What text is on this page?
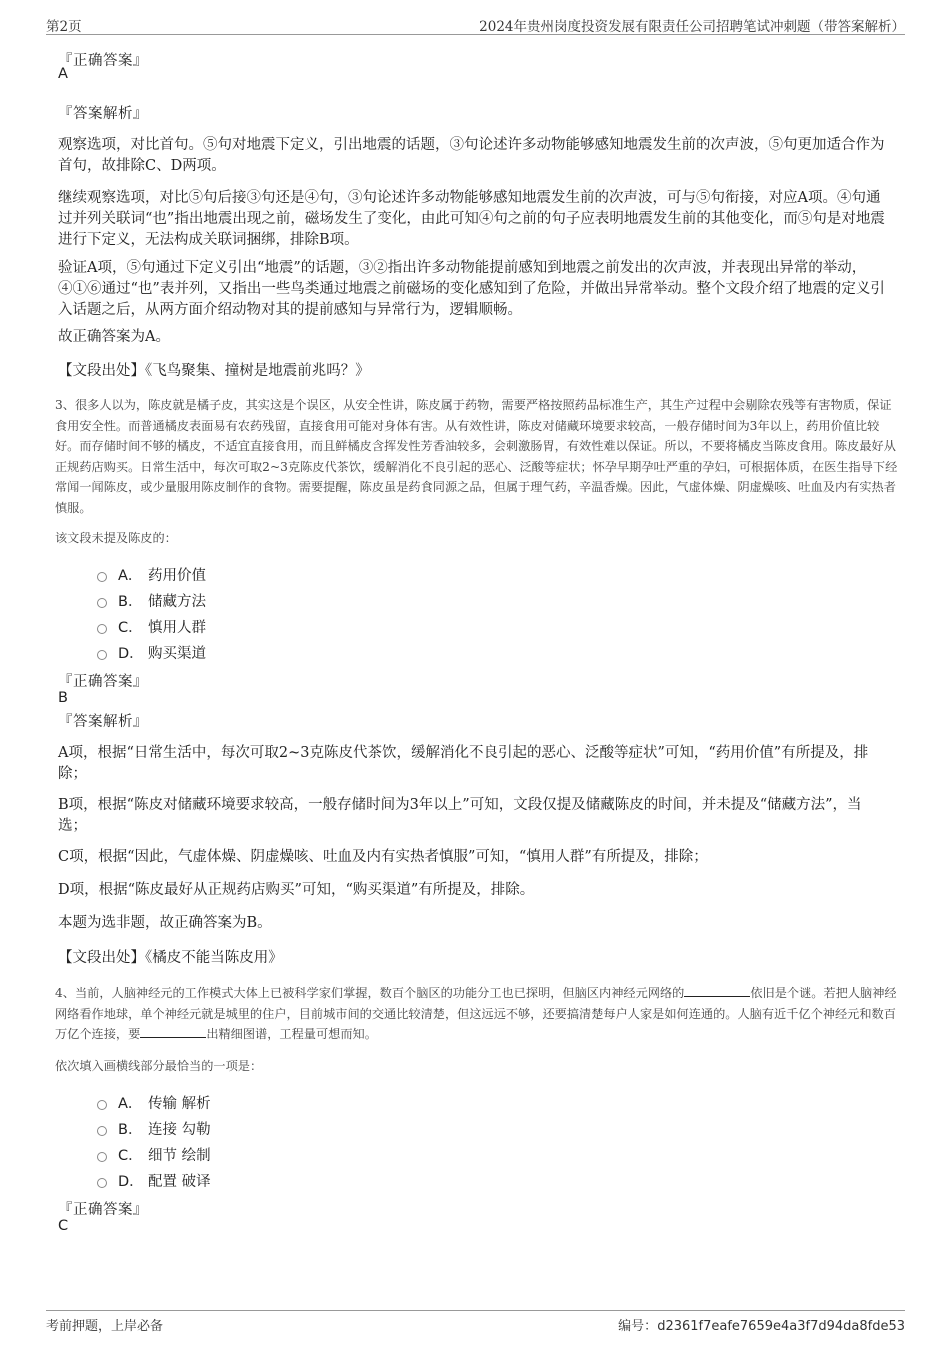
第2页	2024年贵州岗度投资发展有限责任公司招聘笔试冲刺题（带答案解析）
『正确答案』
A
『答案解析』
观察选项，对比首句。⑤句对地震下定义，引出地震的话题，③句论述许多动物能够感知地震发生前的次声波，⑤句更加适合作为首句，故排除C、D两项。
继续观察选项，对比⑤句后接③句还是④句，③句论述许多动物能够感知地震发生前的次声波，可与⑤句衔接，对应A项。④句通过并列关联词“也”指出地震出现之前，磁场发生了变化，由此可知④句之前的句子应表明地震发生前的其他变化，而⑤句是对地震进行下定义，无法构成关联词捆绑，排除B项。
验证A项，⑤句通过下定义引出“地震”的话题，③②指出许多动物能提前感知到地震之前发出的次声波，并表现出异常的举动，④①⑥通过“也”表并列，又指出一些鸟类通过地震之前磁场的变化感知到了危险，并做出异常举动。整个文段介绍了地震的定义引入话题之后，从两方面介绍动物对其的提前感知与异常行为，逻辑顺畅。
故正确答案为A。
【文段出处】《飞鸟聚集、撞树是地震前兆吗？》
3、很多人以为，陈皮就是橘子皮，其实这是个误区，从安全性讲，陈皮属于药物，需要严格按照药品标准生产，其生产过程中会剔除农残等有害物质，保证食用安全性。而普通橘皮表面易有农药残留，直接食用可能对身体有害。从有效性讲，陈皮对储藏环境要求较高，一般存储时间为3年以上，药用价值比较好。而存储时间不够的橘皮，不适宜直接食用，而且鲜橘皮含挥发性芳香油较多，会刺激肠胃，有效性难以保证。所以，不要将橘皮当陈皮食用。陈皮最好从正规药店购买。日常生活中，每次可取2~3克陈皮代茶饮，缓解消化不良引起的恶心、泛酸等症状；怀孕早期孕吐严重的孕妇，可根据体质，在医生指导下经常闻一闻陈皮，或少量服用陈皮制作的食物。需要提醒，陈皮虽是药食同源之品，但属于理气药，辛温香燥。因此，气虚体燥、阴虚燥咳、吐血及内有实热者慎服。
该文段未提及陈皮的：
A． 药用价值
B． 储藏方法
C． 慎用人群
D． 购买渠道
『正确答案』
B
『答案解析』
A项，根据“日常生活中，每次可取2~3克陈皮代茶饮，缓解消化不良引起的恶心、泛酸等症状”可知，“药用价值”有所提及，排除；
B项，根据“陈皮对储藏环境要求较高，一般存储时间为3年以上”可知，文段仅提及储藏陈皮的时间，并未提及“储藏方法”，当选；
C项，根据“因此，气虚体燥、阴虚燥咳、吐血及内有实热者慎服”可知，“慎用人群”有所提及，排除；
D项，根据“陈皮最好从正规药店购买”可知，“购买渠道”有所提及，排除。
本题为选非题，故正确答案为B。
【文段出处】《橘皮不能当陈皮用》
4、当前，人脑神经元的工作模式大体上已被科学家们掌握，数百个脑区的功能分工也已探明，但脑区内神经元网络的	依旧是个谜。若把人脑神经网络看作地球，单个神经元就是城里的住户，目前城市间的交通比较清楚，但这远远不够，还要搞清楚每户人家是如何连通的。人脑有近千亿个神经元和数百万亿个连接，要	出精细图谱，工程量可想而知。
依次填入画横线部分最恰当的一项是：
A． 传输 解析
B． 连接 勾勒
C． 细节 绘制
D． 配置 破译
『正确答案』
C
考前押题，上岸必备	编号：d2361f7eafe7659e4a3f7d94da8fde53
